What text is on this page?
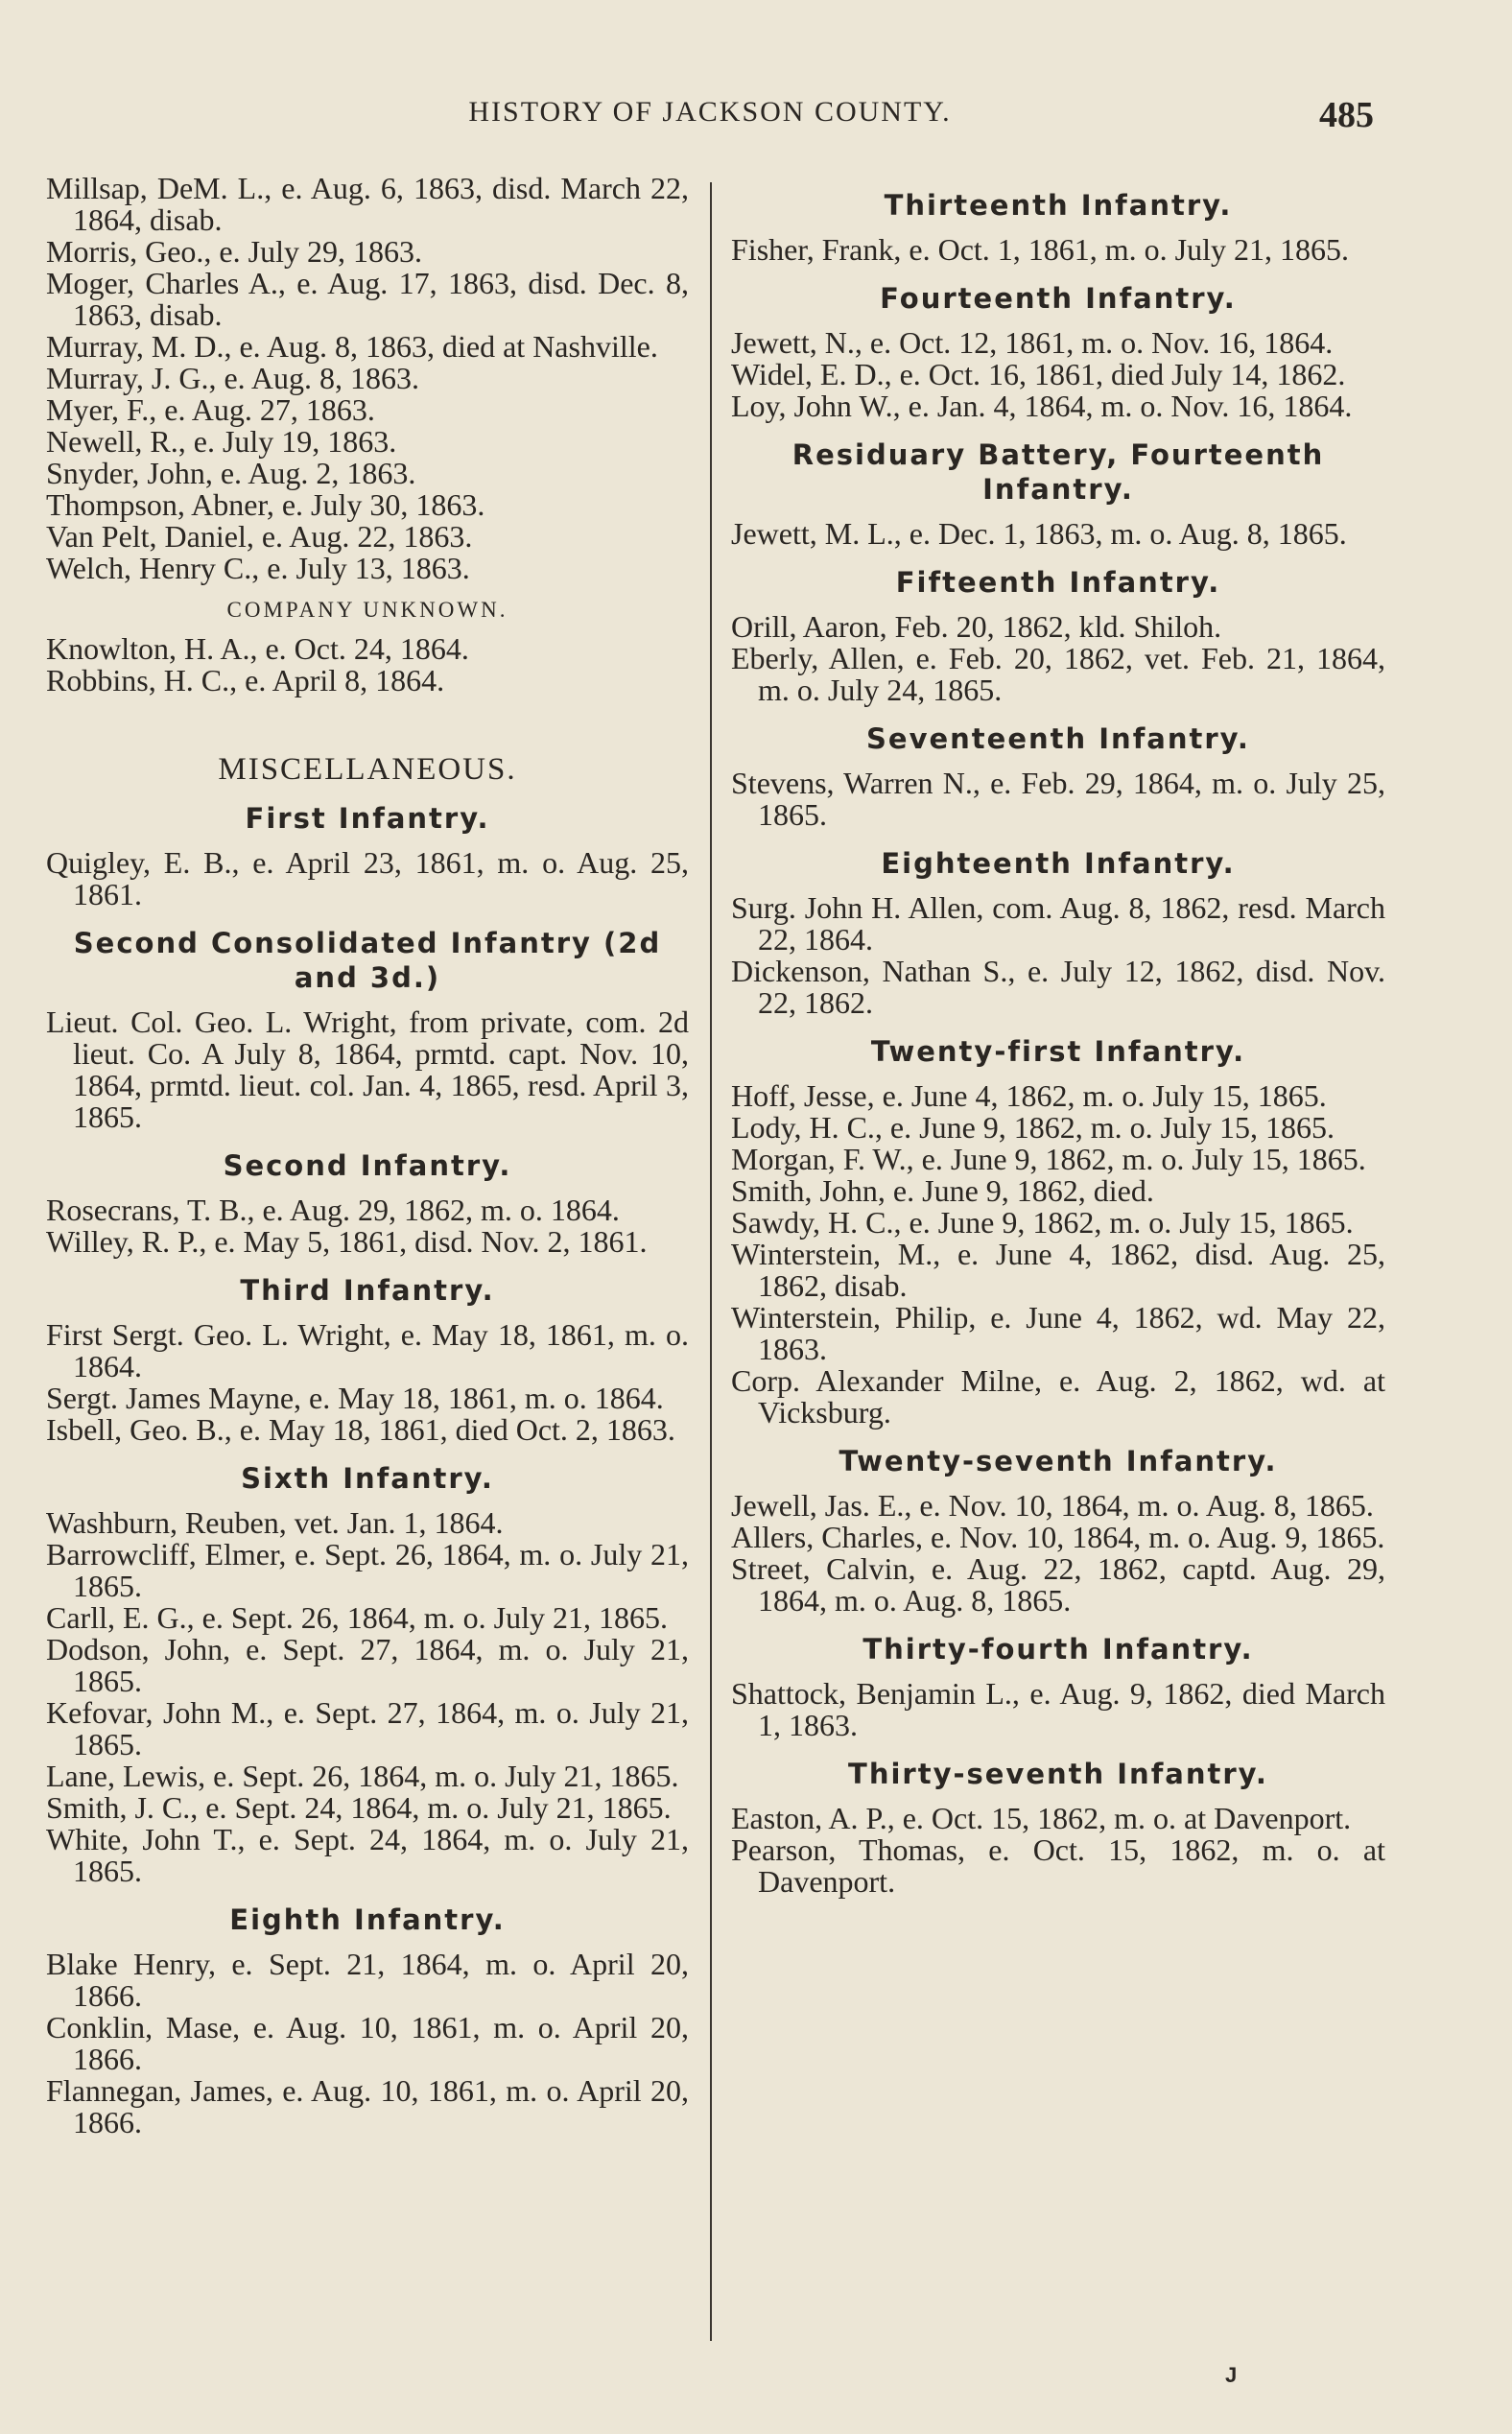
HISTORY OF JACKSON COUNTY.	485

Millsap, DeM. L., e. Aug. 6, 1863, disd. March 22, 1864, disab.

Morris, Geo., e. July 29, 1863.

Moger, Charles A., e. Aug. 17, 1863, disd. Dec. 8, 1863, disab.

Murray, M. D., e. Aug. 8, 1863, died at Nashville.

Murray, J. G., e. Aug. 8, 1863.

Myer, F., e. Aug. 27, 1863.

Newell, R., e. July 19, 1863.

Snyder, John, e. Aug. 2, 1863.

Thompson, Abner, e. July 30, 1863.

Van Pelt, Daniel, e. Aug. 22, 1863.

Welch, Henry C., e. July 13, 1863.

COMPANY UNKNOWN.

Knowlton, H. A., e. Oct. 24, 1864.

Robbins, H. C., e. April 8, 1864.

MISCELLANEOUS.
First Infantry.

Quigley, E. B., e. April 23, 1861, m. o. Aug. 25, 1861.

Second Consolidated Infantry (2d and 3d.)

Lieut. Col. Geo. L. Wright, from private, com. 2d lieut. Co. A July 8, 1864, prmtd. capt. Nov. 10, 1864, prmtd. lieut. col. Jan. 4, 1865, resd. April 3, 1865.

Second Infantry.

Rosecrans, T. B., e. Aug. 29, 1862, m. o. 1864.

Willey, R. P., e. May 5, 1861, disd. Nov. 2, 1861.

Third Infantry.

First Sergt. Geo. L. Wright, e. May 18, 1861, m. o. 1864.

Sergt. James Mayne, e. May 18, 1861, m. o. 1864.

Isbell, Geo. B., e. May 18, 1861, died Oct. 2, 1863.

Sixth Infantry.

Washburn, Reuben, vet. Jan. 1, 1864.

Barrowcliff, Elmer, e. Sept. 26, 1864, m. o. July 21, 1865.

Carll, E. G., e. Sept. 26, 1864, m. o. July 21, 1865.

Dodson, John, e. Sept. 27, 1864, m. o. July 21, 1865.

Kefovar, John M., e. Sept. 27, 1864, m. o. July 21, 1865.

Lane, Lewis, e. Sept. 26, 1864, m. o. July 21, 1865.

Smith, J. C., e. Sept. 24, 1864, m. o. July 21, 1865.

White, John T., e. Sept. 24, 1864, m. o. July 21, 1865.

Eighth Infantry.

Blake Henry, e. Sept. 21, 1864, m. o. April 20, 1866.

Conklin, Mase, e. Aug. 10, 1861, m. o. April 20, 1866.

Flannegan, James, e. Aug. 10, 1861, m. o. April 20, 1866.

Thirteenth Infantry.

Fisher, Frank, e. Oct. 1, 1861, m. o. July 21, 1865.

Fourteenth Infantry.

Jewett, N., e. Oct. 12, 1861, m. o. Nov. 16, 1864.

Widel, E. D., e. Oct. 16, 1861, died July 14, 1862.

Loy, John W., e. Jan. 4, 1864, m. o. Nov. 16, 1864.

Residuary Battery, Fourteenth Infantry.

Jewett, M. L., e. Dec. 1, 1863, m. o. Aug. 8, 1865.

Fifteenth Infantry.

Orill, Aaron, Feb. 20, 1862, kld. Shiloh.

Eberly, Allen, e. Feb. 20, 1862, vet. Feb. 21, 1864, m. o. July 24, 1865.

Seventeenth Infantry.

Stevens, Warren N., e. Feb. 29, 1864, m. o. July 25, 1865.

Eighteenth Infantry.

Surg. John H. Allen, com. Aug. 8, 1862, resd. March 22, 1864.

Dickenson, Nathan S., e. July 12, 1862, disd. Nov. 22, 1862.

Twenty-first Infantry.

Hoff, Jesse, e. June 4, 1862, m. o. July 15, 1865.

Lody, H. C., e. June 9, 1862, m. o. July 15, 1865.

Morgan, F. W., e. June 9, 1862, m. o. July 15, 1865.

Smith, John, e. June 9, 1862, died.

Sawdy, H. C., e. June 9, 1862, m. o. July 15, 1865.

Winterstein, M., e. June 4, 1862, disd. Aug. 25, 1862, disab.

Winterstein, Philip, e. June 4, 1862, wd. May 22, 1863.

Corp. Alexander Milne, e. Aug. 2, 1862, wd. at Vicksburg.

Twenty-seventh Infantry.

Jewell, Jas. E., e. Nov. 10, 1864, m. o. Aug. 8, 1865.

Allers, Charles, e. Nov. 10, 1864, m. o. Aug. 9, 1865.

Street, Calvin, e. Aug. 22, 1862, captd. Aug. 29, 1864, m. o. Aug. 8, 1865.

Thirty-fourth Infantry.

Shattock, Benjamin L., e. Aug. 9, 1862, died March 1, 1863.

Thirty-seventh Infantry.

Easton, A. P., e. Oct. 15, 1862, m. o. at Davenport.

Pearson, Thomas, e. Oct. 15, 1862, m. o. at Davenport.

J
